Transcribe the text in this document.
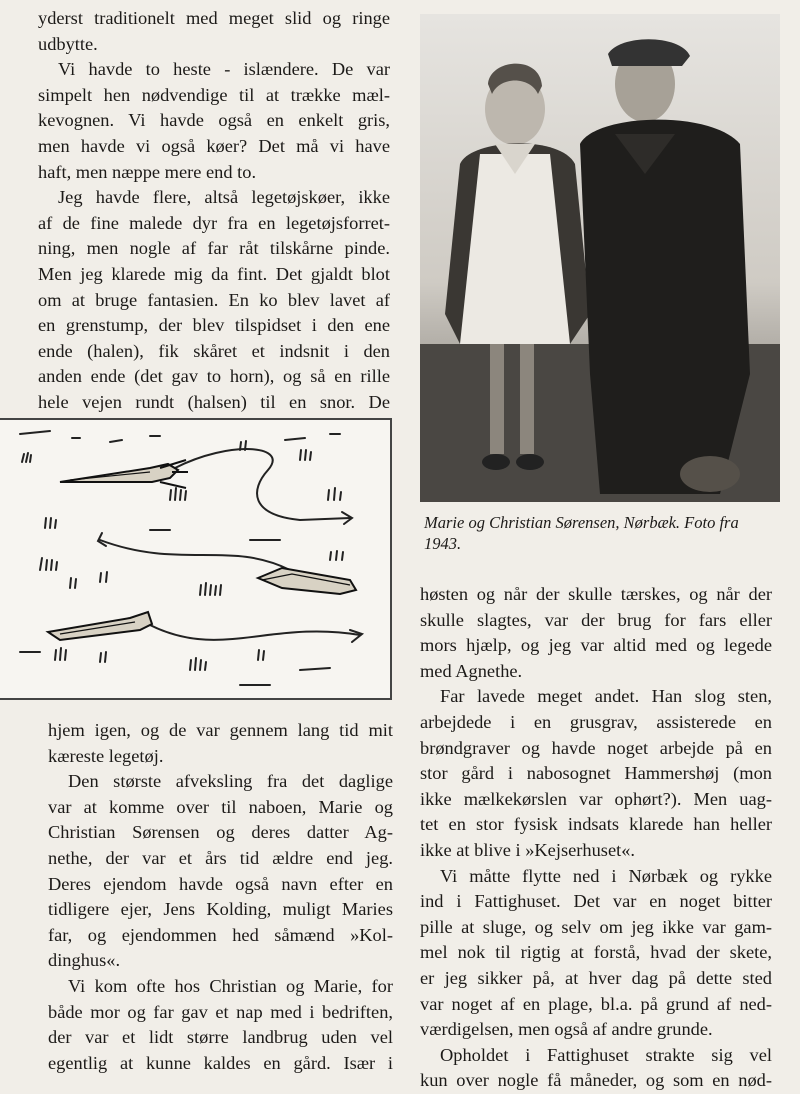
yderst traditionelt med meget slid og ringe
udbytte.
Vi havde to heste - islændere. De var
simpelt hen nødvendige til at trække mæl-
kevognen. Vi havde også en enkelt gris,
men havde vi også køer? Det må vi have
haft, men næppe mere end to.
Jeg havde flere, altså legetøjskøer, ikke
af de fine malede dyr fra en legetøjsforret-
ning, men nogle af far råt tilskårne pinde.
Men jeg klarede mig da fint. Det gjaldt blot
om at bruge fantasien. En ko blev lavet af
en grenstump, der blev tilspidset i den ene
ende (halen), fik skåret et indsnit i den
anden ende (det gav to horn), og så en rille
hele vejen rundt (halsen) til en snor. De
hjem igen, og de var gennem lang tid mit
kæreste legetøj.
Den største afveksling fra det daglige
var at komme over til naboen, Marie og
Christian Sørensen og deres datter Ag-
nethe, der var et års tid ældre end jeg.
Deres ejendom havde også navn efter en
tidligere ejer, Jens Kolding, muligt Maries
far, og ejendommen hed såmænd »Kol-
dinghus«.
Vi kom ofte hos Christian og Marie, for
både mor og far gav et nap med i bedriften,
der var et lidt større landbrug uden vel
egentlig at kunne kaldes en gård. Især i
Marie og Christian Sørensen, Nørbæk. Foto fra 1943.
høsten og når der skulle tærskes, og når der
skulle slagtes, var der brug for fars eller
mors hjælp, og jeg var altid med og legede
med Agnethe.
Far lavede meget andet. Han slog sten,
arbejdede i en grusgrav, assisterede en
brøndgraver og havde noget arbejde på en
stor gård i nabosognet Hammershøj (mon
ikke mælkekørslen var ophørt?). Men uag-
tet en stor fysisk indsats klarede han heller
ikke at blive i »Kejserhuset«.
Vi måtte flytte ned i Nørbæk og rykke
ind i Fattighuset. Det var en noget bitter
pille at sluge, og selv om jeg ikke var gam-
mel nok til rigtig at forstå, hvad der skete,
er jeg sikker på, at hver dag på dette sted
var noget af en plage, bl.a. på grund af ned-
værdigelsen, men også af andre grunde.
Opholdet i Fattighuset strakte sig vel
kun over nogle få måneder, og som en nød-
